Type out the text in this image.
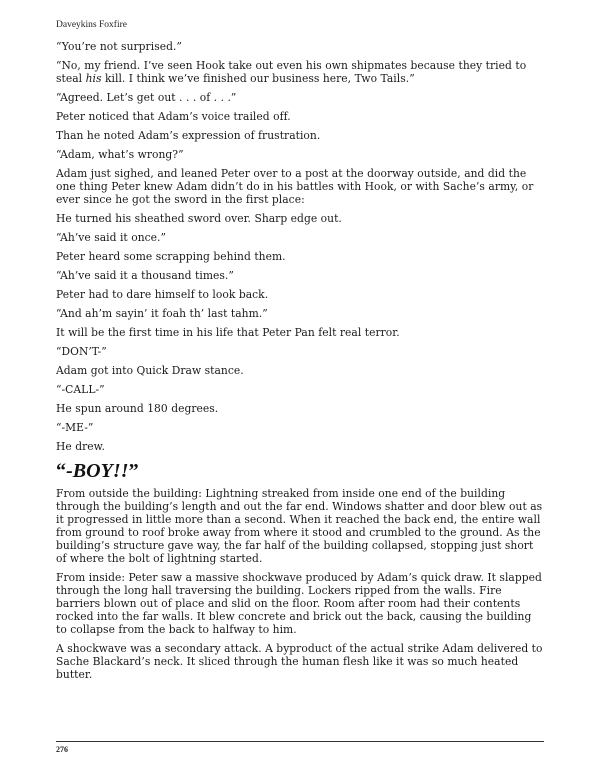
Daveykins Foxfire

“You’re not surprised.”

“No, my friend. I’ve seen Hook take out even his own shipmates because they tried to steal his kill. I think we’ve finished our business here, Two Tails.”

“Agreed. Let’s get out . . . of . . .”

Peter noticed that Adam’s voice trailed off.

Than he noted Adam’s expression of frustration.

“Adam, what’s wrong?”

Adam just sighed, and leaned Peter over to a post at the doorway outside, and did the one thing Peter knew Adam didn’t do in his battles with Hook, or with Sache’s army, or ever since he got the sword in the first place:

He turned his sheathed sword over. Sharp edge out.

“Ah’ve said it once.”

Peter heard some scrapping behind them.

“Ah’ve said it a thousand times.”

Peter had to dare himself to look back.

“And ah’m sayin’ it foah th’ last tahm.”

It will be the first time in his life that Peter Pan felt real terror.

“DON’T-”

Adam got into Quick Draw stance.

“-CALL-”

He spun around 180 degrees.

“-ME-”

He drew.

“-BOY!!”

From outside the building: Lightning streaked from inside one end of the building through the building’s length and out the far end. Windows shatter and door blew out as it progressed in little more than a second. When it reached the back end, the entire wall from ground to roof broke away from where it stood and crumbled to the ground. As the building’s structure gave way, the far half of the building collapsed, stopping just short of where the bolt of lightning started.

From inside: Peter saw a massive shockwave produced by Adam’s quick draw. It slapped through the long hall traversing the building. Lockers ripped from the walls. Fire barriers blown out of place and slid on the floor. Room after room had their contents rocked into the far walls. It blew concrete and brick out the back, causing the building to collapse from the back to halfway to him.

A shockwave was a secondary attack. A byproduct of the actual strike Adam delivered to Sache Blackard’s neck. It sliced through the human flesh like it was so much heated butter.

276
